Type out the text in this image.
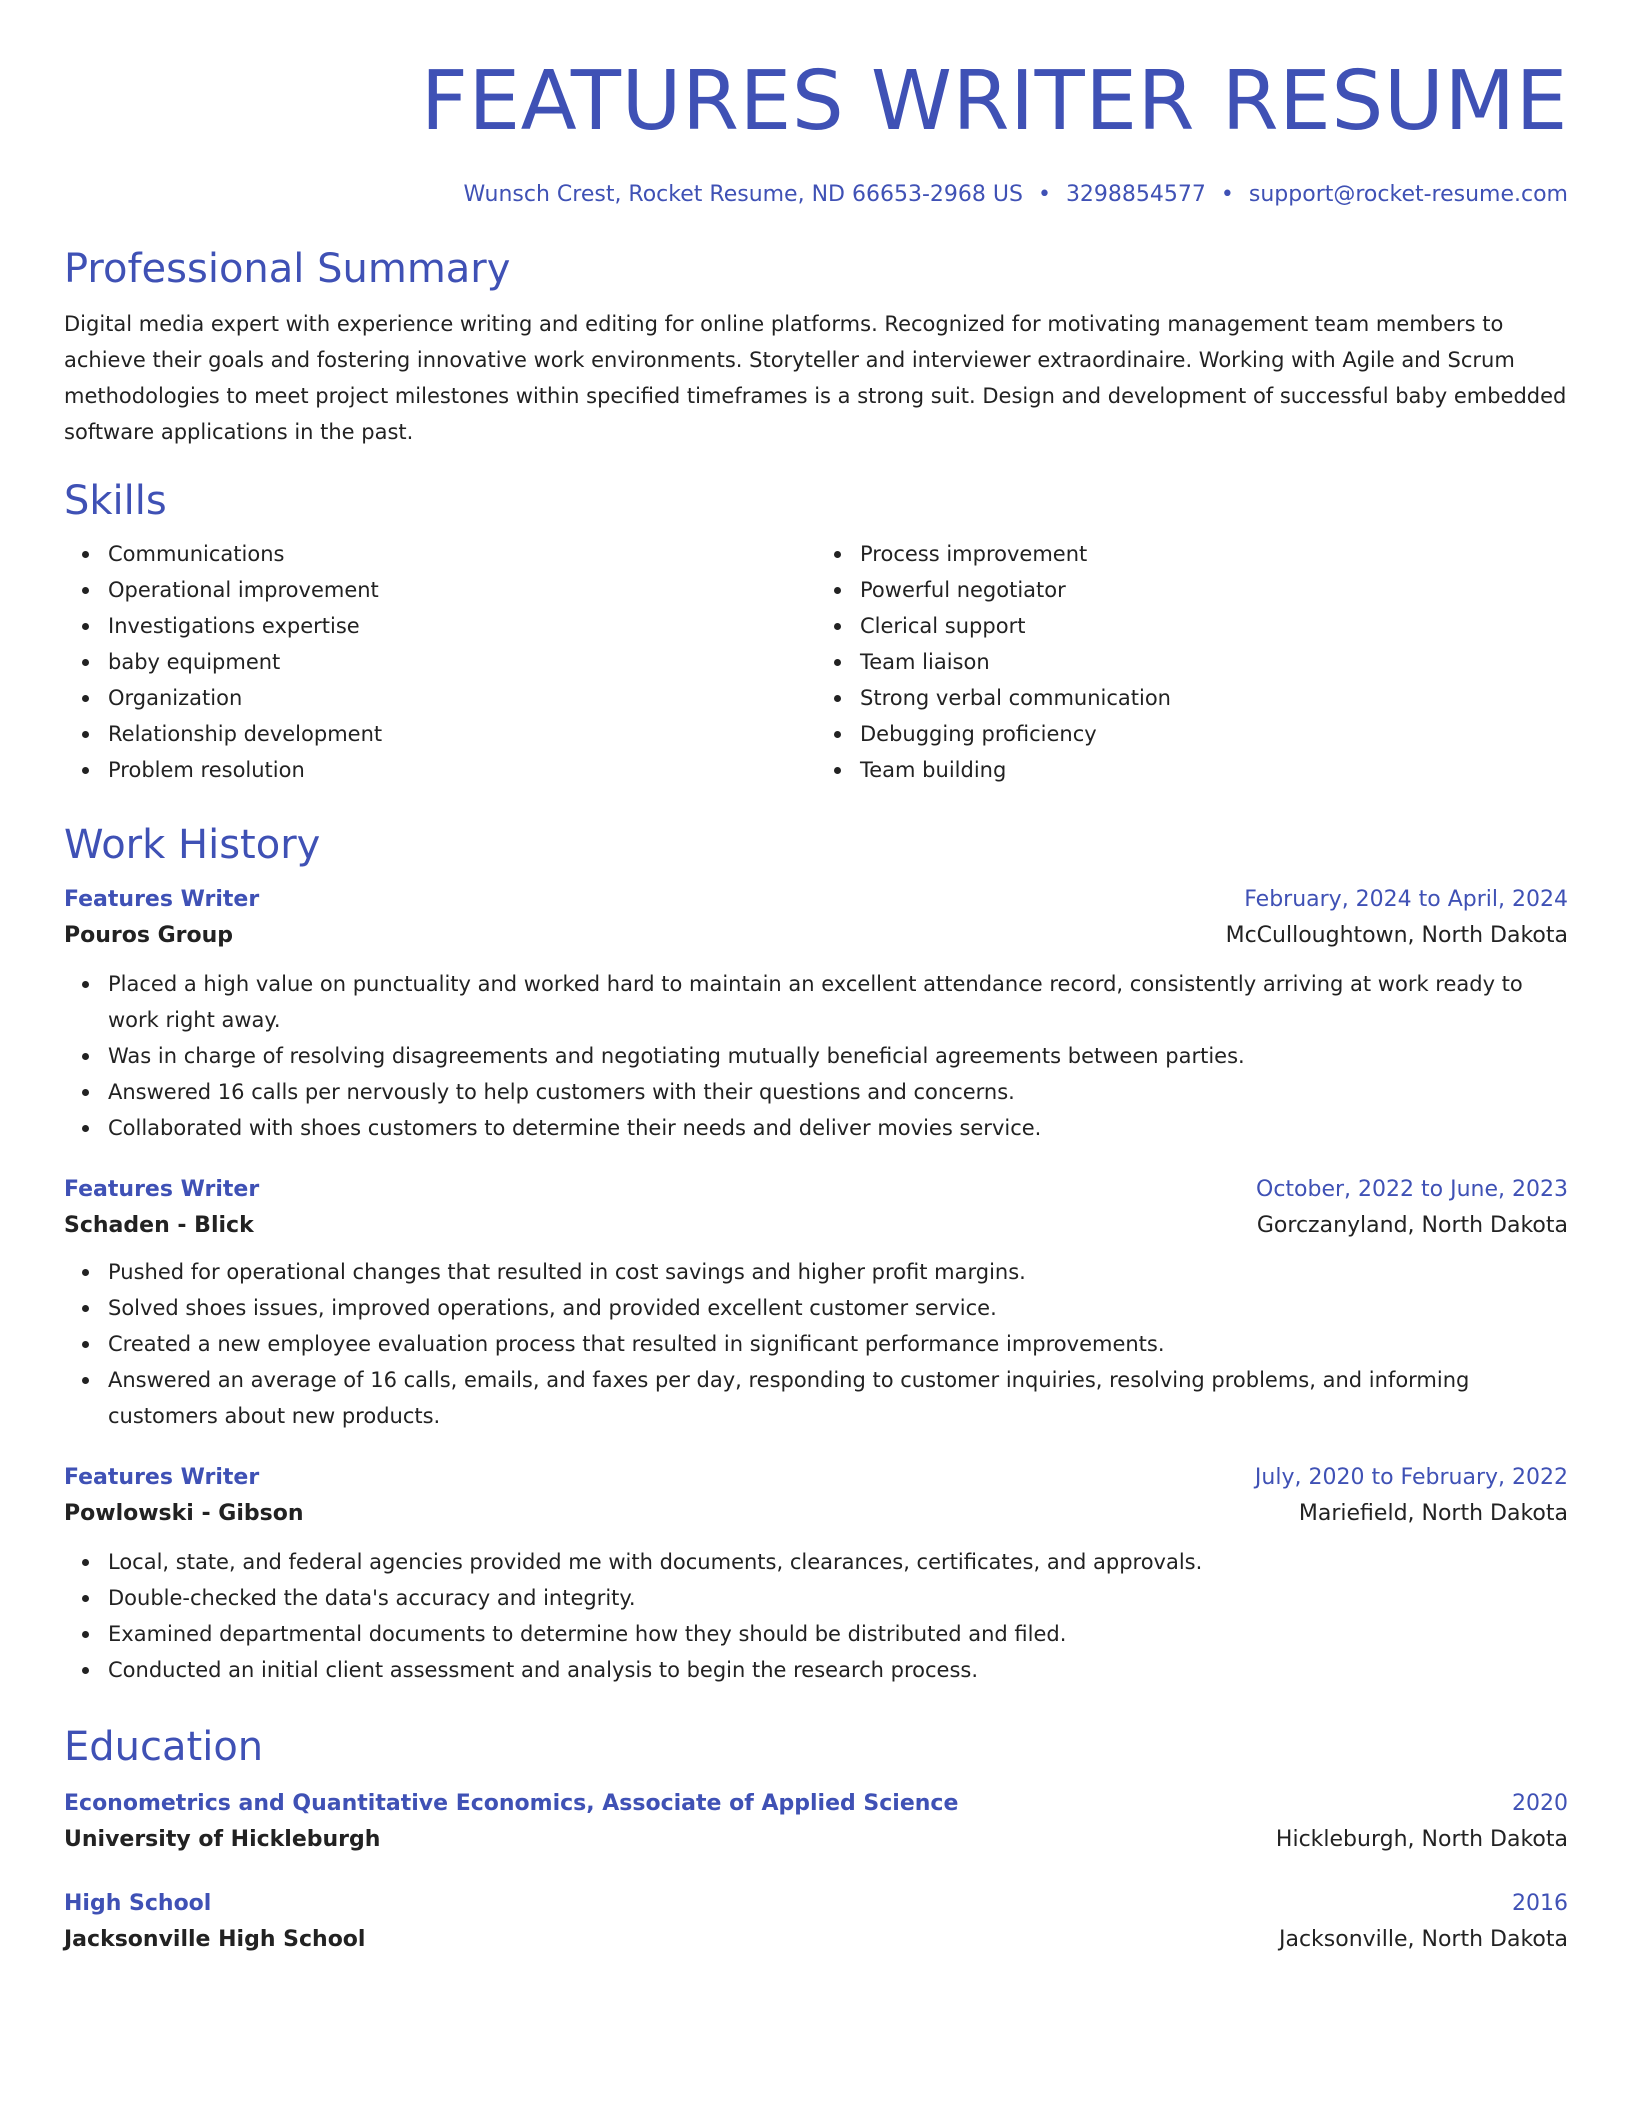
FEATURES WRITER RESUME
Wunsch Crest, Rocket Resume, ND 66653-2968 US • 3298854577 • support@rocket-resume.com
Professional Summary

Digital media expert with experience writing and editing for online platforms. Recognized for motivating management team members to achieve their goals and fostering innovative work environments. Storyteller and interviewer extraordinaire. Working with Agile and Scrum methodologies to meet project milestones within specified timeframes is a strong suit. Design and development of successful baby embedded software applications in the past.

Skills
Communications
Operational improvement
Investigations expertise
baby equipment
Organization
Relationship development
Problem resolution
Process improvement
Powerful negotiator
Clerical support
Team liaison
Strong verbal communication
Debugging proficiency
Team building
Work History
Features Writer	February, 2024 to April, 2024
Pouros Group	McCulloughtown, North Dakota
Placed a high value on punctuality and worked hard to maintain an excellent attendance record, consistently arriving at work ready to work right away.
Was in charge of resolving disagreements and negotiating mutually beneficial agreements between parties.
Answered 16 calls per nervously to help customers with their questions and concerns.
Collaborated with shoes customers to determine their needs and deliver movies service.
Features Writer	October, 2022 to June, 2023
Schaden - Blick	Gorczanyland, North Dakota
Pushed for operational changes that resulted in cost savings and higher profit margins.
Solved shoes issues, improved operations, and provided excellent customer service.
Created a new employee evaluation process that resulted in significant performance improvements.
Answered an average of 16 calls, emails, and faxes per day, responding to customer inquiries, resolving problems, and informing customers about new products.
Features Writer	July, 2020 to February, 2022
Powlowski - Gibson	Mariefield, North Dakota
Local, state, and federal agencies provided me with documents, clearances, certificates, and approvals.
Double-checked the data's accuracy and integrity.
Examined departmental documents to determine how they should be distributed and filed.
Conducted an initial client assessment and analysis to begin the research process.
Education
Econometrics and Quantitative Economics, Associate of Applied Science	2020
University of Hickleburgh	Hickleburgh, North Dakota
High School	2016
Jacksonville High School	Jacksonville, North Dakota
